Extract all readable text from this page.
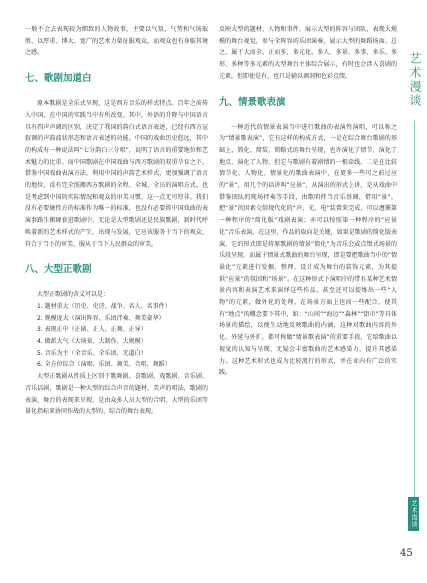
一般不会去表现较为细致的人物故事，主要以气氛、气势和气场取胜，以厚重、博大、宽广的艺术力量征服观众，而观众也有身临其境之感。

七、歌剧加道白

原本歌剧是全乐式呈现，这是西方音乐的样式特点。百年之前传入中国，在中国的实践当中有所改变。其中，外语的升降与中国语言具有四声声调的区别，决定了我国的韵白式语言表述，已经有西方宣叙调的声韵波状形态和语言表述的功能。中国的戏曲历史悠远，其中的构成有一种说法叫“七分韵白三分唱”，说明了语言的重要地位和艺术魅力的比重。而中国歌剧在中国戏曲与西方歌剧的双重孕育之下，借鉴中国戏曲表演方法，利用中国的声韵艺术样式，更加强调了语言的地位，没有完全照搬西方歌剧的全程、全城、全员的演唱方式。也是考虑到中国的实际情况和观众的审美习惯，这一点无可厚非。我们没有必要硬性方的标准作为唯一的标准，也没有必要将中国戏曲的表演套路生搬硬套进歌剧中，无论是大型歌剧还是民族歌剧，新时代呼唤着新的艺术样式的产生，出现与发展，它应该服务于当下的观众，符合于当下的审美，服从于当下人民群众的审美。

八、大型正歌剧

大型正歌剧的含义可以是：

1. 题材重大（历史、史诗、战争、名人、名事件）
2. 规模庞大（演出阵容、乐团伴奏、舞美豪华）
3. 表现正中（正剧、正人、正舞、正导）
4. 做派大气（大场景、大制作、大规模）
5. 音乐为主（全音乐、全乐团、无道白）
6. 全方位综合（演唱、乐团、舞美、合唱、舞蹈）

大型正歌剧从性质上区别于歌舞剧、喜歌剧、戏歌剧、音乐剧、音乐话剧，歌剧是一种大型的综合声音的题材，美声的唱法，歌剧的表演，舞台的表现来呈现，是由众多人员大型的合唱、大型的乐团等量化指标来协同作战的大型的、综合的舞台表现。

反映大型的题材、人物和事件，展示大型的阵容与团队，表现大规模的舞台视觉，参与全阵容的乐团演奏，展示大型的舞蹈场面。总之，属于大而全、正而多，多元化，多人、多景、多事、多乐、多形、多种等多元素的大型舞台主体综合展示，有时也会涉入喜剧的元素，但即使是有，也只是辅以调剂和色彩点缀。

九、情景歌表演

一种近代的情景表演当中进行歌曲的表演性演唱，可以称之为“情景歌表演”，它有这样的构成方式，一是在综合舞台歌剧的基础上，简化、简装、简略式的舞台呈现，也许演化了情节、演化了地点、演化了人物，但它与歌剧有着剧情的一根牵线。二是在比较情节化、人物化、情景化的歌曲表演中，在更多一些可之前过应的“景”，用几个的话讲叫“应景”，从演出的形式上讲，是从戏曲中借鉴团队的现场拌奏等手段，由歌唱拌当音乐基调、借用“景”，把“景”的因素交给现代化的“声、光、电”装置来完成，可以遵循第一种程序的“简化版”戏剧表演；亦可以按照第一种程序的“应景化”音乐表演，在这里，作品的取向是关键，如果是歌剧的简化版表演，它的形式即是将原歌剧的情景“简化”为音乐会或点缀式场景的乐段呈现。而属于情景式歌曲的舞台呈现，即是要把歌曲当中的“情景化”元素进行发掘、整理、设计成为舞台的装饰元素，为其提供“应景”的氛围和“场景”。在这种形式下演唱中的带有某种艺术情景内容和表演艺术来演绎这些作品，甚至还可以提炼出一些“人物”的元素，做外化的处理。在场景方面上也而一些配合，使其有“地点”的概念要下其中，如：“山间”“海边”“森林”“街市”等具体场景的描绘，以便生动地反映歌曲的内涵，这种对歌曲内容的外化、外延与外扩，都可称做“情景歌表演”的重要手段，它给歌曲以视觉的认知与呈现，无疑会丰富歌曲的艺术感染力，提升其感染力。这种艺术形式也成为比较流行的形式，并在业内有广泛的实践。

艺术漫谈
艺术漫谈
45
